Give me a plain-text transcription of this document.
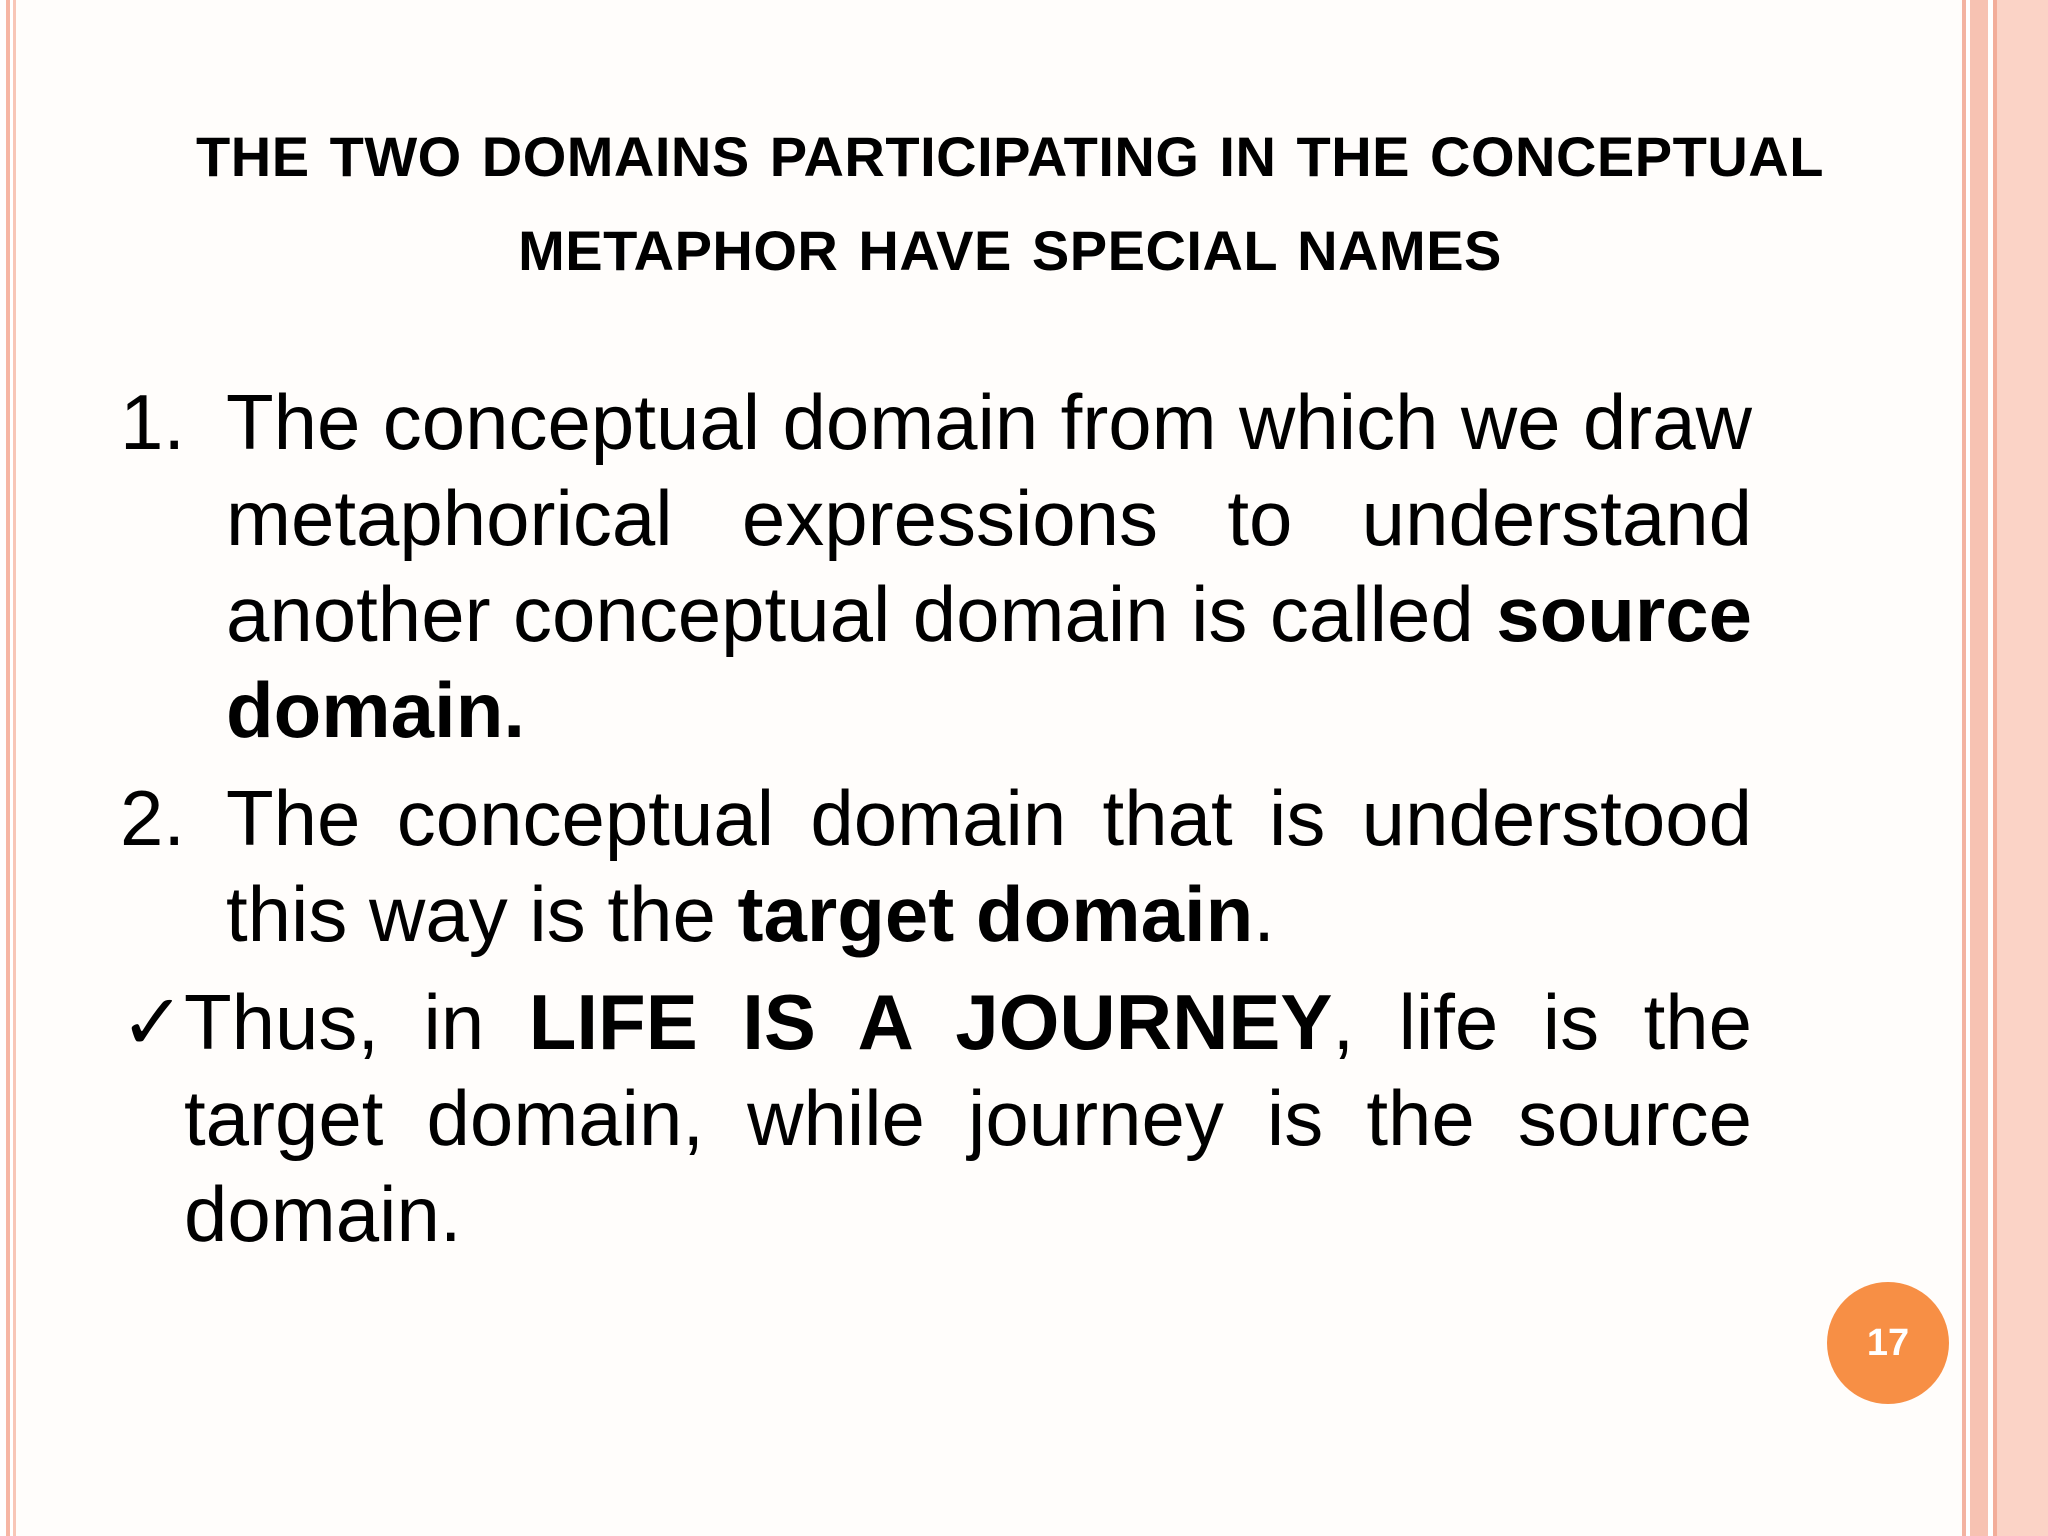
THE TWO DOMAINS PARTICIPATING IN THE CONCEPTUAL METAPHOR HAVE SPECIAL NAMES
1. The conceptual domain from which we draw metaphorical expressions to understand another conceptual domain is called source domain.
2. The conceptual domain that is understood this way is the target domain.
✓
Thus, in LIFE IS A JOURNEY, life is the target domain, while journey is the source domain.
17
